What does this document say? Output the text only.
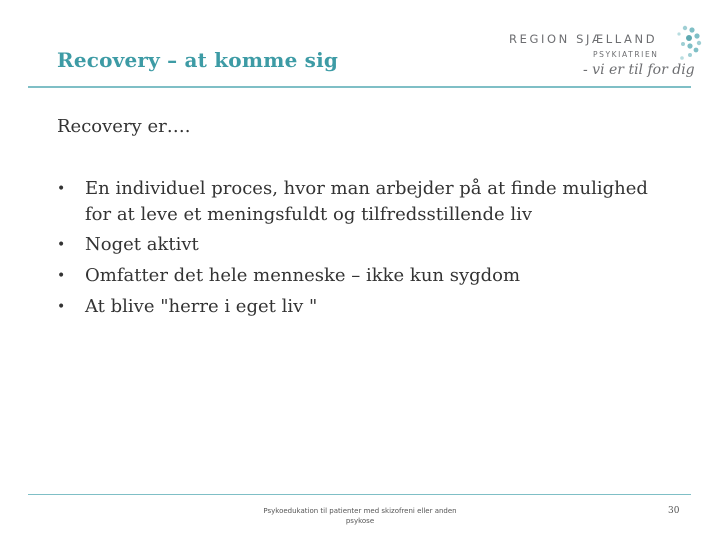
Recovery – at komme sig
REGION SJÆLLAND
PSYKIATRIEN
- vi er til for dig
Recovery er….
• En individuel proces, hvor man arbejder på at finde mulighed for at leve et meningsfuldt og tilfredsstillende liv
• Noget aktivt
• Omfatter det hele menneske – ikke kun sygdom
• At blive "herre i eget liv "
Psykoedukation til patienter med skizofreni eller anden psykose
30
